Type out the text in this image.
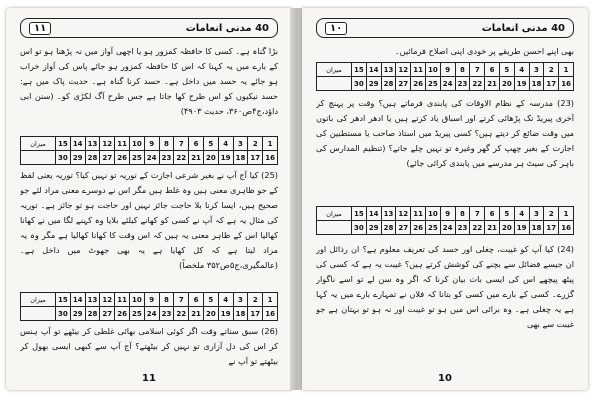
١١	40 مدنی انعامات
بڑا گناہ ہے۔ کسی کا حافظہ کمزور ہو یا اچھی آواز میں نہ پڑھنا ہو تو اس کے بارے میں یہ کہنا کہ اس کا حافظہ کمزور ہو جائے پاس کی آواز خراب ہو جائے یہ حسد میں داخل ہے۔ حسد کرنا گناہ ہے۔ حدیث پاک میں ہے: حسد نیکیوں کو اس طرح کھا جاتا ہے جس طرح آگ لکڑی کو۔ (سنن ابی داؤد،ج۴ص۳۶۰، حدیث ۴۹۰۳)
میزان	15	14	13	12	11	10	9	8	7	6	5	4	3	2	1
	30	29	28	27	26	25	24	23	22	21	20	19	18	17	16
(25) کیا آج آپ نے بغیر شرعی اجازت کے توریہ تو نہیں کیا؟ توریہ یعنی لفظ کے جو ظاہری معنی ہیں وہ غلط ہیں مگر اس نے دوسرے معنی مراد لئے جو صحیح ہیں، ایسا کرنا بلا حاجت جائز نہیں اور حاجت ہو تو جائز ہے۔ توریہ کی مثال یہ ہے کہ آپ نے کسی کو کھانے کیلئے بلایا وہ کہنے لگا میں نے کھانا کھالیا اس کے ظاہر معنی یہ ہیں کہ اس وقت کا کھانا کھالیا ہے مگر وہ یہ مراد لیتا ہے کہ کل کھایا ہے یہ بھی جھوٹ میں داخل ہے۔ (عالمگیری،ج۵ص۳۵۲ ملخصاً)
میزان	15	14	13	12	11	10	9	8	7	6	5	4	3	2	1
	30	29	28	27	26	25	24	23	22	21	20	19	18	17	16
(26) سبق سناتے وقت اگر کوئی اسلامی بھائی غلطی کر بیٹھے تو آپ ہنس کر اس کی دل آزاری تو نہیں کر بیٹھتے؟ آج آپ سے کبھی ایسی بھول کر بیٹھتے تو آپ نے
11
١٠	40 مدنی انعامات
بھی اپنے احسن طریقے پر خودی اپنی اصلاح فرمائیں۔
میزان	15	14	13	12	11	10	9	8	7	6	5	4	3	2	1
	30	29	28	27	26	25	24	23	22	21	20	19	18	17	16
(23) مدرسہ کے نظام الاوقات کی پابندی فرماتے ہیں؟ وقت پر پہنچ کر آخری پیریڈ تک پڑھائی کرتے اور اسباق یاد کرتے ہیں یا ادھر ادھر کی باتوں میں وقت ضائع کر دیتے ہیں؟ کسی پیریڈ میں استاذ صاحب یا مستطبین کی اجازت کے بغیر چھپ کر گھر وغیرہ تو نہیں چلے جاتے؟ (تنظیم المدارس کی باہر کی سیٹ ہر مدرسے میں پابندی کرائی جائے)
میزان	15	14	13	12	11	10	9	8	7	6	5	4	3	2	1
	30	29	28	27	26	25	24	23	22	21	20	19	18	17	16
(24) کیا آپ کو غیبت، چغلی اور حسد کی تعریف معلوم ہے؟ ان رذائل اور ان جیسے فضائل سے بچنے کی کوشش کرتے ہیں؟ غیبت یہ ہے کہ کسی کی پیٹھ پیچھے اس کی ایسی بات بیان کرنا کہ اگر وہ سن لے تو اسے ناگوار گزرے۔ کسی کے بارے میں کسی کو بتانا کہ فلاں نے تمہارے بارے میں یہ کہا ہے یہ چغلی ہے۔ وہ برائی اس میں ہو تو غیبت اور نہ ہو تو بہتان ہے جو غیبت سے بھی
10
